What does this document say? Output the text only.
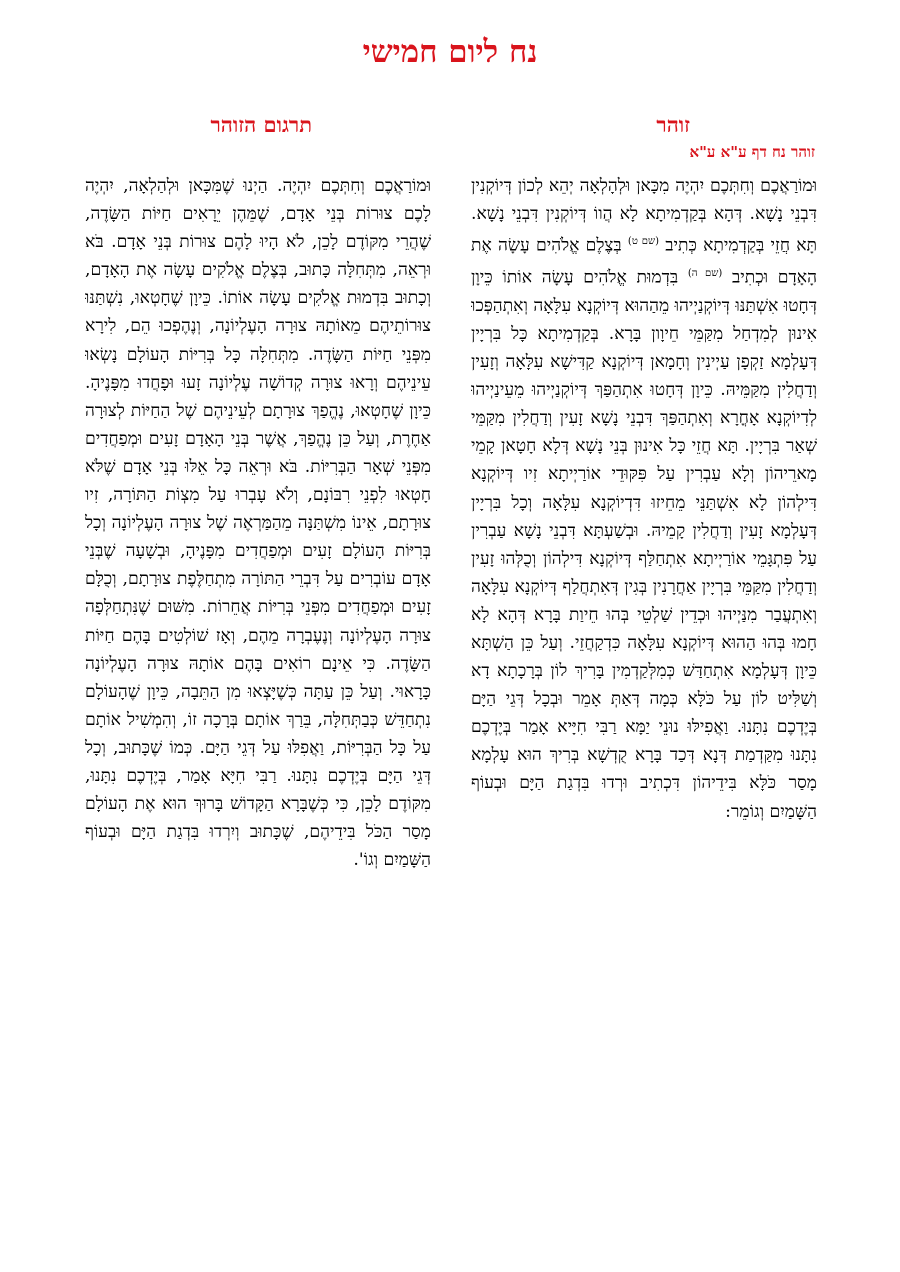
נח ליום חמישי
זוהר
תרגום הזוהר
זוהר נח דף ע"א ע"א

וּמוֹרַאֲכֶם וְחִתְּכֶם יִהְיֶה מִכָּאן וּלְהָלְאָה יְהֵא לְכוֹן דְּיוֹקְנִין דִּבְנֵי נָשָׁא. דְּהָא בְּקַדְמִיתָא לָא הֲווֹ דְּיוֹקְנִין דִּבְנֵי נָשָׁא. תָּא חֲזֵי בְּקַדְמִיתָא כְּתִיב $^{(שם ט)}$ בְּצֶלֶם אֱלֹהִים עָשָׂה אֶת הָאָדָם וּכְתִיב $^{(שם ה)}$ בִּדְמוּת אֱלֹהִים עָשָׂה אוֹתוֹ כֵּיוָן דְּחָטוּ אִשְׁתַּנּוּ דְּיוֹקְנַיְיהוּ מֵהַהוּא דְּיוֹקְנָא עִלָּאָה וְאִתְהַפְּכוּ אִינוּן לְמִדְחַל מִקַּמֵּי חֵיוָון בָּרָא. בְּקַדְמִיתָא כָּל בִּרְיָין דְּעָלְמָא זַקְפָן עַיְינִין וְחָמָאן דְּיוֹקְנָא קַדִּישָׁא עִלָּאָה וְזָעִין וְדַחֲלִין מִקַּמֵּיהּ. כֵּיוָן דְּחָטוּ אִתְהַפַּךְ דְּיוֹקְנַיְיהוּ מֵעֵינַיְיהוּ לְדִיוֹקְנָא אָחֳרָא וְאִתְהַפַּךְ דִּבְנֵי נָשָׁא זָעִין וְדַחֲלִין מִקַּמֵּי שְׁאַר בִּרְיָין. תָּא חֲזֵי כָּל אִינוּן בְּנֵי נָשָׁא דְּלָא חָטָאן קָמֵי מָארֵיהוֹן וְלָא עַבְרִין עַל פִּקּוּדֵי אוֹרַיְיתָא זִיו דְּיוֹקְנָא דִּילְהוֹן לָא אִשְׁתַּנֵּי מֵחֵיזוּ דִּדְיוֹקְנָא עִלָּאָה וְכָל בִּרְיָין דְּעָלְמָא זָעִין וְדַחֲלִין קָמֵיהּ. וּבְשַׁעְתָּא דִּבְנֵי נָשָׁא עַבְרִין עַל פִּתְגָּמֵי אוֹרַיְיתָא אִתְחַלַּף דְּיוֹקְנָא דִּילְהוֹן וְכֻלְּהוּ זָעִין וְדַחֲלִין מִקַּמֵּי בִּרְיָין אַחֲרָנִין בְּגִין דְּאִתְחֲלַף דְּיוֹקְנָא עִלָּאָה וְאִתְעֲבַר מִנַּיְיהוּ וּכְדֵין שַׁלְטֵי בְּהוּ חֵיוַת בָּרָא דְּהָא לָא חָמוּ בְּהוּ הַהוּא דְּיוֹקְנָא עִלָּאָה כִּדְקַחֲזֵי. וְעַל כֵּן הַשְׁתָּא כֵּיוָן דְּעָלְמָא אִתְחַדַּשׁ כְּמִלְּקַדְמִין בָּרִיךְ לוֹן בְּרָכָתָא דָא וְשַׁלִּיט לוֹן עַל כֹּלָּא כְּמָה דְּאַתְּ אָמֵר וּבְכָל דְּגֵי הַיָּם בְּיֶדְכֶם נִתָּנוּ. וַאֲפִילּוּ נוּנֵי יַמָּא רַבִּי חִיָּיא אָמַר בְּיֶדְכֶם נִתָּנוּ מִקַּדְמַת דְּנָא דְּכַד בָּרָא קֻדְשָׁא בְּרִיךְ הוּא עָלְמָא מָסַר כֹּלָּא בִּידֵיהוֹן דִּכְתִיב וּרְדוּ בִּדְגַת הַיָּם וּבְעוֹף הַשָּׁמַיִם וְגוֹמֵר:

וּמוֹרַאֲכֶם וְחִתְּכֶם יִהְיֶה. הַיְנוּ שֶׁמִּכָּאן וּלְהַלְאָה, יִהְיֶה לָכֶם צוּרוֹת בְּנֵי אָדָם, שֶׁמֵּהֶן יֵרָאִים חַיּוֹת הַשָּׂדֶה, שֶׁהֲרֵי מִקּוֹדֶם לָכֵן, לֹא הָיוּ לָהֶם צוּרוֹת בְּנֵי אָדָם. בֹּא וּרְאֵה, מִתְּחִלָּה כָּתוּב, בְּצֶלֶם אֱלֹקִים עָשָׂה אֶת הָאָדָם, וְכָתוּב בִּדְמוּת אֱלֹקִים עָשָׂה אוֹתוֹ. כֵּיוָן שֶׁחָטְאוּ, נִשְׁתַּנּוּ צוּרוֹתֵיהֶם מֵאוֹתָהּ צוּרָה הָעֶלְיוֹנָה, וְנֶהֶפְכוּ הֵם, לִירָא מִפְּנֵי חַיּוֹת הַשָּׂדֶה. מִתְּחִלָּה כָּל בְּרִיּוֹת הָעוֹלָם נָשְׂאוּ עֵינֵיהֶם וְרָאוּ צוּרָה קְדוֹשָׁה עֶלְיוֹנָה זָעוּ וּפָחֲדוּ מִפָּנֶיהָ. כֵּיוָן שֶׁחָטְאוּ, נֶהֱפַךְ צוּרָתָם לְעֵינֵיהֶם שֶׁל הַחַיּוֹת לְצוּרָה אַחֶרֶת, וְעַל כֵּן נֶהֱפַךְ, אֲשֶׁר בְּנֵי הָאָדָם זָעִים וּמְפַחֲדִים מִפְּנֵי שְׁאָר הַבְּרִיּוֹת. בֹּא וּרְאֵה כָּל אֵלּוּ בְּנֵי אָדָם שֶׁלֹּא חָטְאוּ לִפְנֵי רִבּוֹנָם, וְלֹא עָבְרוּ עַל מִצְוֹת הַתּוֹרָה, זִיו צוּרָתָם, אֵינוֹ מִשְׁתַּנָּה מֵהַמַּרְאֶה שֶׁל צוּרָה הָעֶלְיוֹנָה וְכָל בְּרִיּוֹת הָעוֹלָם זָעִים וּמְפַחֲדִים מִפָּנֶיהָ, וּבְשָׁעָה שֶׁבְּנֵי אָדָם עוֹבְרִים עַל דִּבְרֵי הַתּוֹרָה מִתְחַלֶּפֶת צוּרָתָם, וְכֻלָּם זָעִים וּמְפַחֲדִים מִפְּנֵי בְּרִיּוֹת אֲחֵרוֹת. מִשּׁוּם שֶׁנִּתְחַלְּפָה צוּרָה הָעֶלְיוֹנָה וְנֶעֶבְרָה מֵהֶם, וְאָז שׁוֹלְטִים בָּהֶם חַיּוֹת הַשָּׂדֶה. כִּי אֵינָם רוֹאִים בָּהֶם אוֹתָהּ צוּרָה הָעֶלְיוֹנָה כָּרָאוּי. וְעַל כֵּן עַתָּה כְּשֶׁיָּצְאוּ מִן הַתֵּבָה, כֵּיוָן שֶׁהָעוֹלָם נִתְחַדֵּשׁ כְּבַתְּחִלָּה, בֵּרַךְ אוֹתָם בְּרָכָה זוֹ, וְהִמְשִׁיל אוֹתָם עַל כָּל הַבְּרִיּוֹת, וַאֲפִלּוּ עַל דְּגֵי הַיָּם. כְּמוֹ שֶׁכָּתוּב, וְכָל דְּגֵי הַיָּם בְּיֶדְכֶם נִתָּנוּ. רַבִּי חִיָּא אָמַר, בְּיֶדְכֶם נִתָּנוּ, מִקּוֹדֶם לָכֵן, כִּי כְּשֶׁבָּרָא הַקָּדוֹשׁ בָּרוּךְ הוּא אֶת הָעוֹלָם מָסַר הַכֹּל בִּידֵיהֶם, שֶׁכָּתוּב וְיִרְדוּ בִּדְגַת הַיָּם וּבְעוֹף הַשָּׁמַיִם וְגוֹ'.
